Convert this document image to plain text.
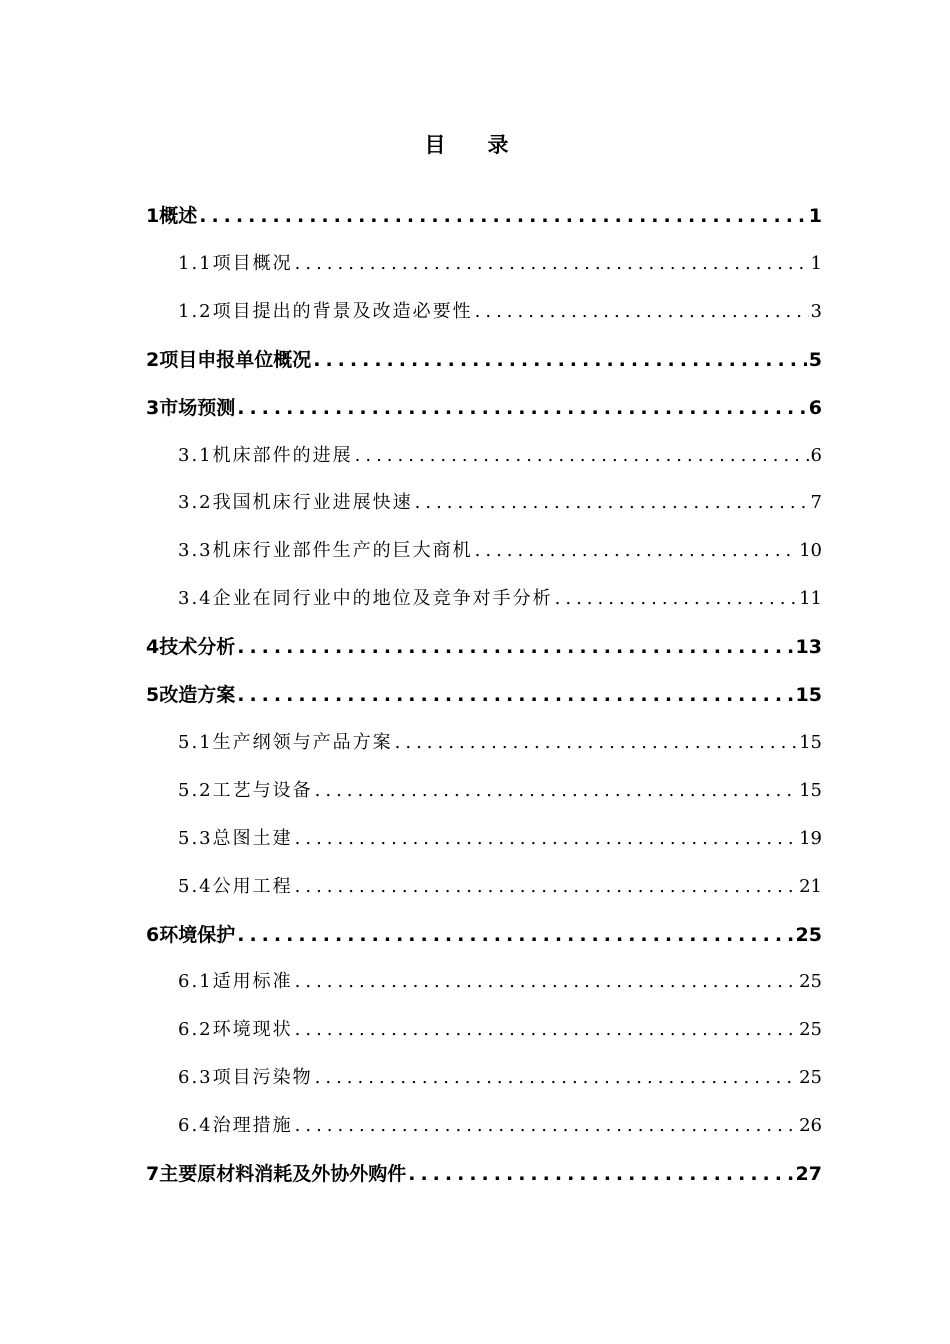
目录
1概述 .....	1
1.1项目概况 .....	1
1.2项目提出的背景及改造必要性 .....	3
2项目申报单位概况 .....	5
3市场预测 .....	6
3.1机床部件的进展 .....	6
3.2我国机床行业进展快速 .....	7
3.3机床行业部件生产的巨大商机 .....	10
3.4企业在同行业中的地位及竞争对手分析 .....	11
4技术分析 .....	13
5改造方案 .....	15
5.1生产纲领与产品方案 .....	15
5.2工艺与设备 .....	15
5.3总图土建 .....	19
5.4公用工程 .....	21
6环境保护 .....	25
6.1适用标准 .....	25
6.2环境现状 .....	25
6.3项目污染物 .....	25
6.4治理措施 .....	26
7主要原材料消耗及外协外购件 .....	27
